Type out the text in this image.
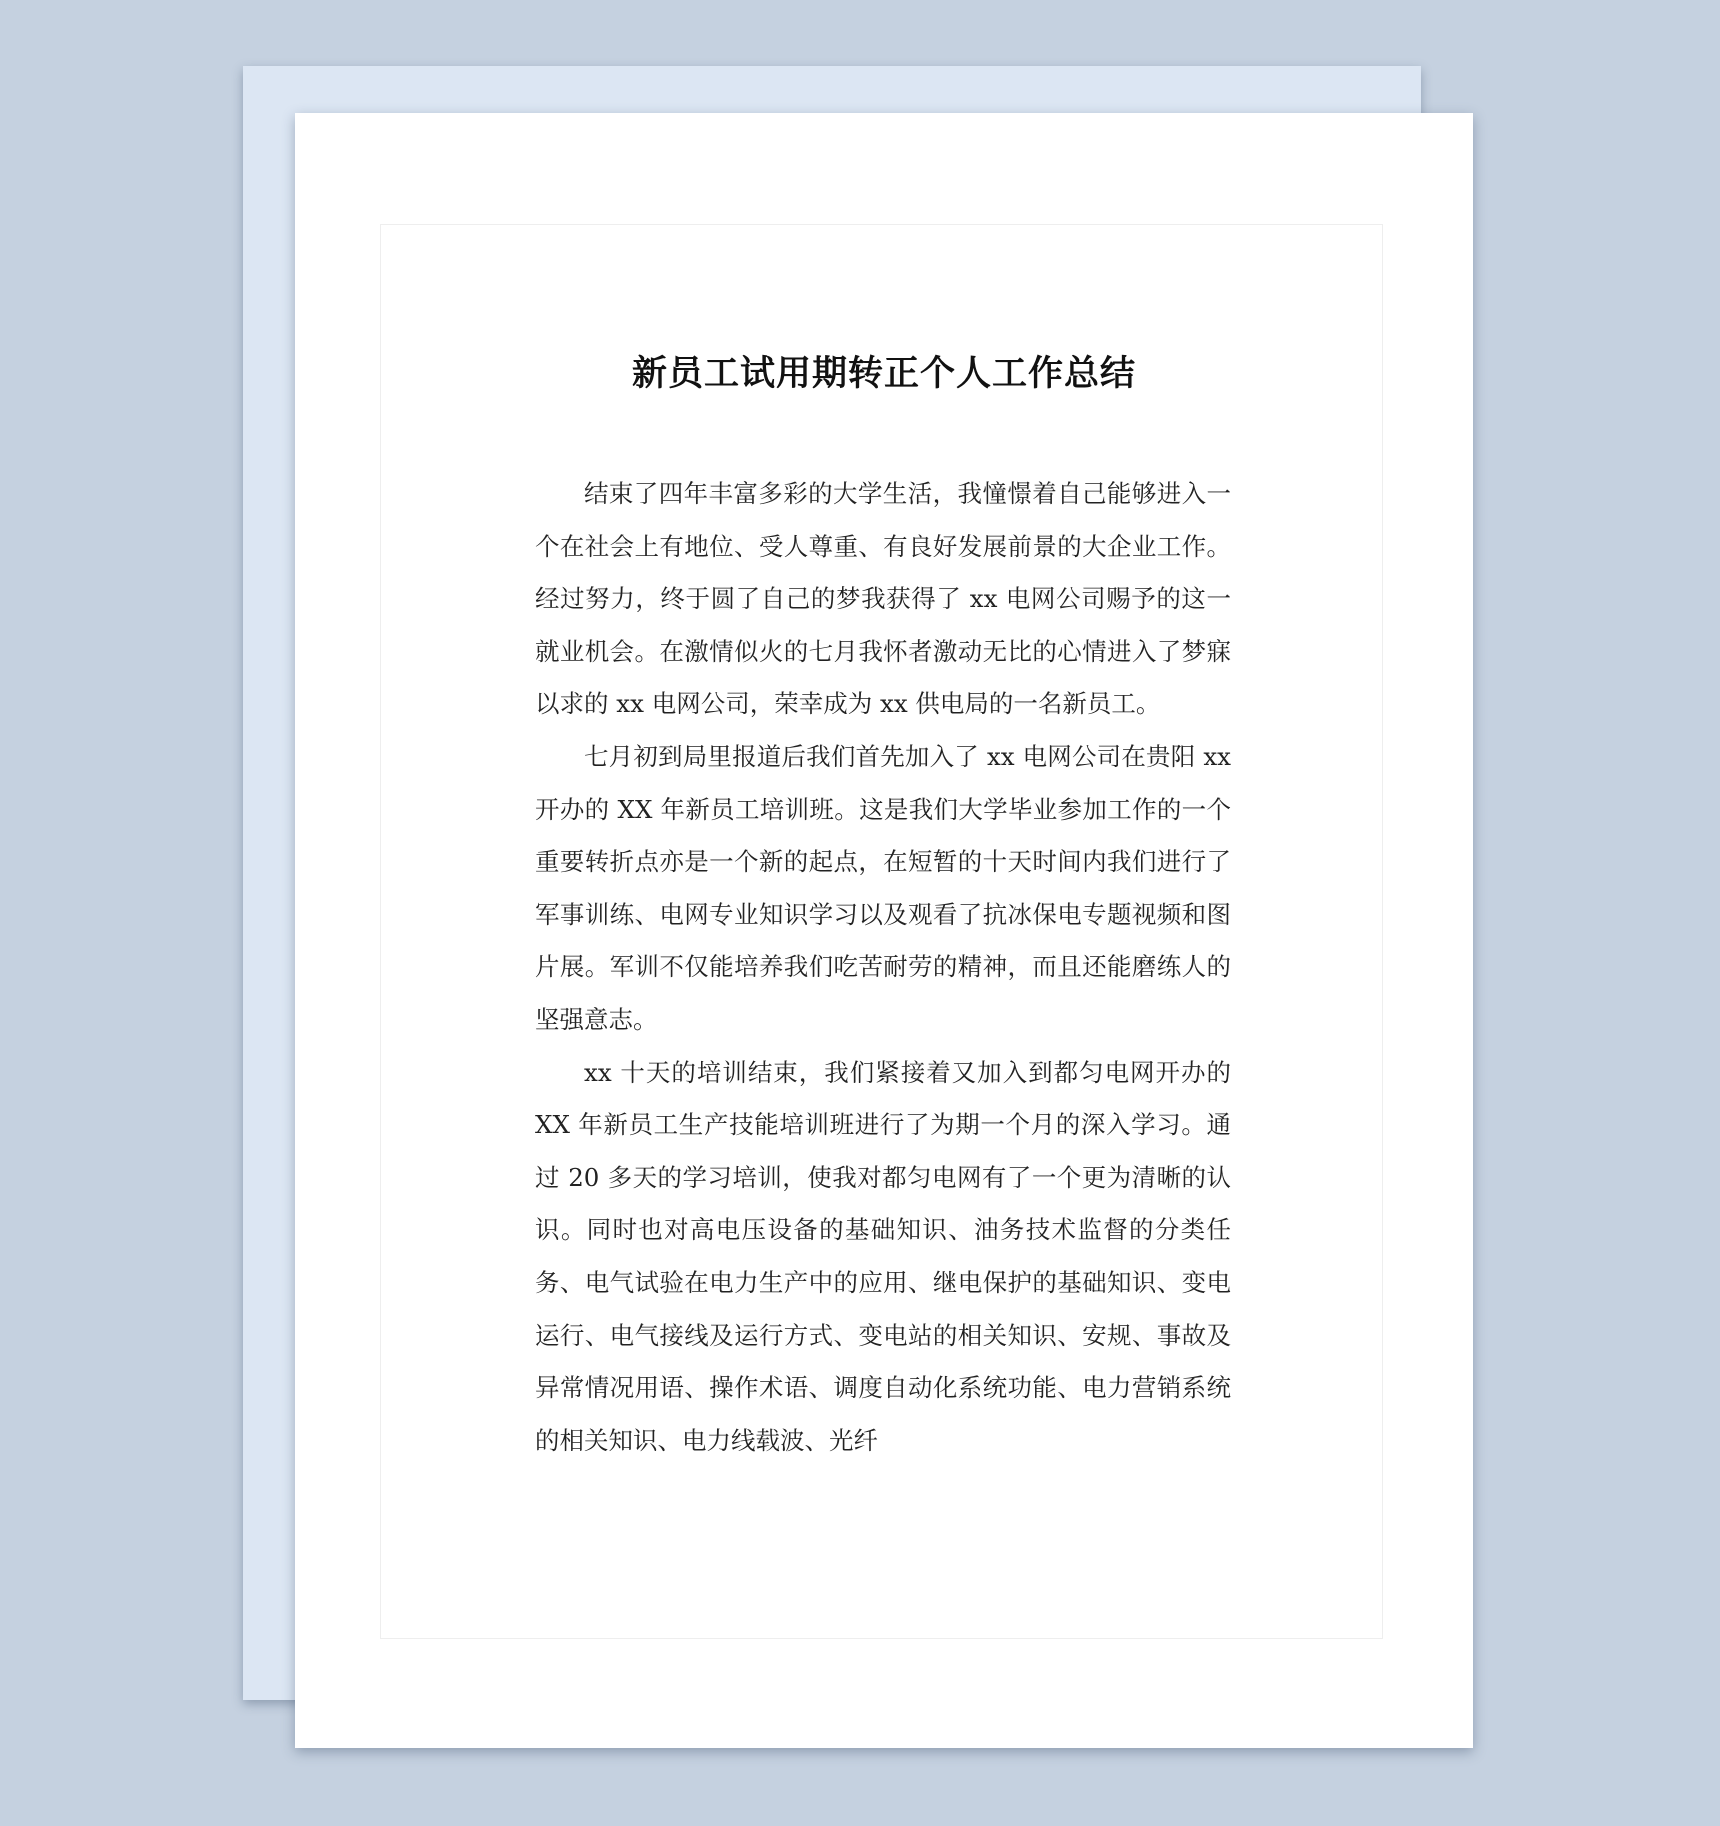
新员工试用期转正个人工作总结

结束了四年丰富多彩的大学生活，我憧憬着自己能够进入一个在社会上有地位、受人尊重、有良好发展前景的大企业工作。经过努力，终于圆了自己的梦我获得了 xx 电网公司赐予的这一就业机会。在激情似火的七月我怀者激动无比的心情进入了梦寐以求的 xx 电网公司，荣幸成为 xx 供电局的一名新员工。

七月初到局里报道后我们首先加入了 xx 电网公司在贵阳 xx 开办的 XX 年新员工培训班。这是我们大学毕业参加工作的一个重要转折点亦是一个新的起点，在短暂的十天时间内我们进行了军事训练、电网专业知识学习以及观看了抗冰保电专题视频和图片展。军训不仅能培养我们吃苦耐劳的精神，而且还能磨练人的坚强意志。

xx 十天的培训结束，我们紧接着又加入到都匀电网开办的 XX 年新员工生产技能培训班进行了为期一个月的深入学习。通过 20 多天的学习培训，使我对都匀电网有了一个更为清晰的认识。同时也对高电压设备的基础知识、油务技术监督的分类任务、电气试验在电力生产中的应用、继电保护的基础知识、变电运行、电气接线及运行方式、变电站的相关知识、安规、事故及异常情况用语、操作术语、调度自动化系统功能、电力营销系统的相关知识、电力线载波、光纤
